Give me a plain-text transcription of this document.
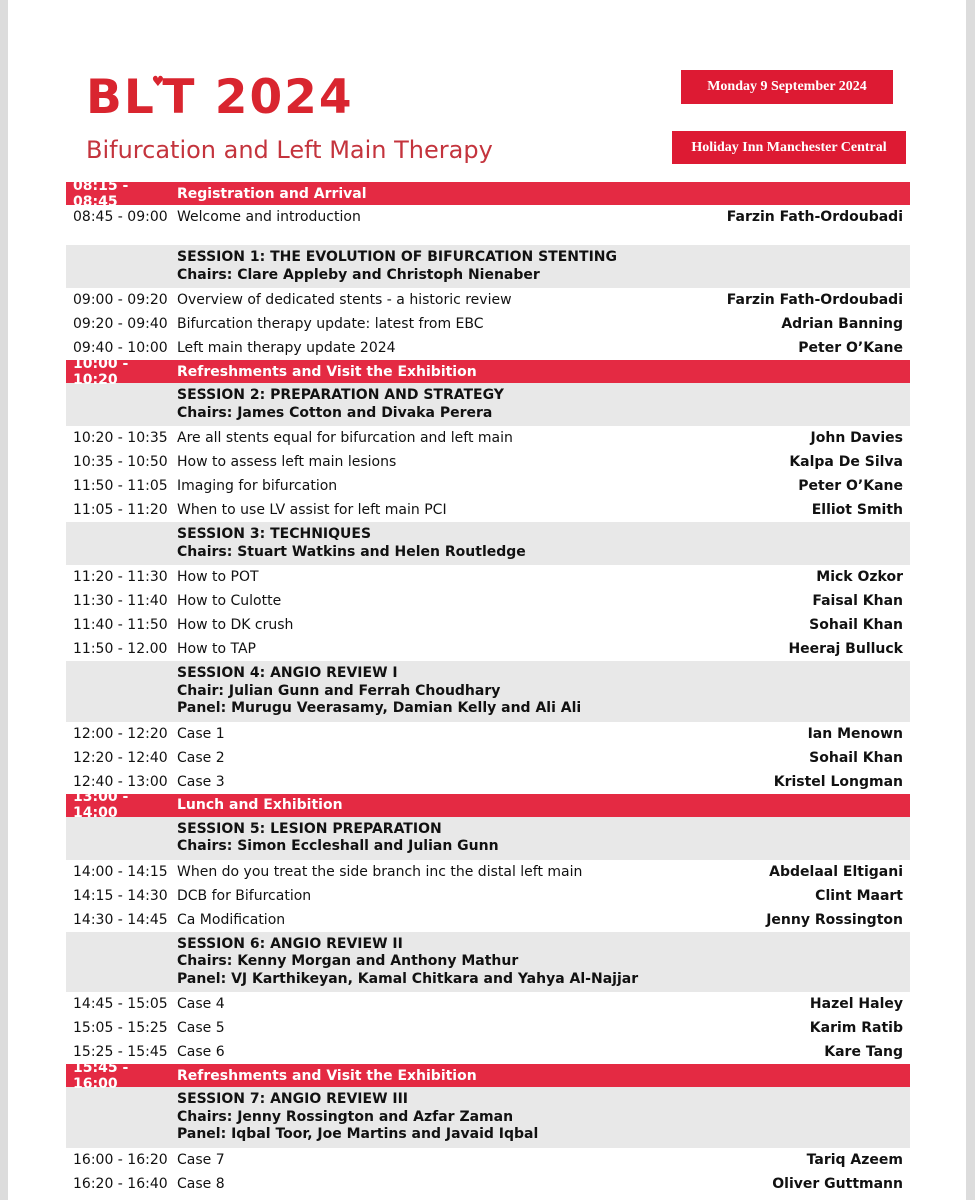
BL♥T 2024
Bifurcation and Left Main Therapy
Monday 9 September 2024
Holiday Inn Manchester Central
08:15 - 08:45	Registration and Arrival
08:45 - 09:00 Welcome and introduction	Farzin Fath-Ordoubadi
SESSION 1: THE EVOLUTION OF BIFURCATION STENTING
Chairs: Clare Appleby and Christoph Nienaber
09:00 - 09:20 Overview of dedicated stents - a historic review	Farzin Fath-Ordoubadi
09:20 - 09:40 Bifurcation therapy update: latest from EBC	Adrian Banning
09:40 - 10:00 Left main therapy update 2024	Peter O’Kane
10:00 - 10:20	Refreshments and Visit the Exhibition
SESSION 2: PREPARATION AND STRATEGY
Chairs: James Cotton and Divaka Perera
10:20 - 10:35 Are all stents equal for bifurcation and left main	John Davies
10:35 - 10:50 How to assess left main lesions	Kalpa De Silva
11:50 - 11:05 Imaging for bifurcation	Peter O’Kane
11:05 - 11:20 When to use LV assist for left main PCI	Elliot Smith
SESSION 3: TECHNIQUES
Chairs: Stuart Watkins and Helen Routledge
11:20 - 11:30 How to POT	Mick Ozkor
11:30 - 11:40 How to Culotte	Faisal Khan
11:40 - 11:50 How to DK crush	Sohail Khan
11:50 - 12.00 How to TAP	Heeraj Bulluck
SESSION 4: ANGIO REVIEW I
Chair: Julian Gunn and Ferrah Choudhary
Panel: Murugu Veerasamy, Damian Kelly and Ali Ali
12:00 - 12:20 Case 1	Ian Menown
12:20 - 12:40 Case 2	Sohail Khan
12:40 - 13:00 Case 3	Kristel Longman
13:00 - 14:00	Lunch and Exhibition
SESSION 5: LESION PREPARATION
Chairs: Simon Eccleshall and Julian Gunn
14:00 - 14:15 When do you treat the side branch inc the distal left main	Abdelaal Eltigani
14:15 - 14:30 DCB for Bifurcation	Clint Maart
14:30 - 14:45 Ca Modification	Jenny Rossington
SESSION 6: ANGIO REVIEW II
Chairs: Kenny Morgan and Anthony Mathur
Panel: VJ Karthikeyan, Kamal Chitkara and Yahya Al-Najjar
14:45 - 15:05 Case 4	Hazel Haley
15:05 - 15:25 Case 5	Karim Ratib
15:25 - 15:45 Case 6	Kare Tang
15:45 - 16:00	Refreshments and Visit the Exhibition
SESSION 7: ANGIO REVIEW III
Chairs: Jenny Rossington and Azfar Zaman
Panel: Iqbal Toor, Joe Martins and Javaid Iqbal
16:00 - 16:20 Case 7	Tariq Azeem
16:20 - 16:40 Case 8	Oliver Guttmann
